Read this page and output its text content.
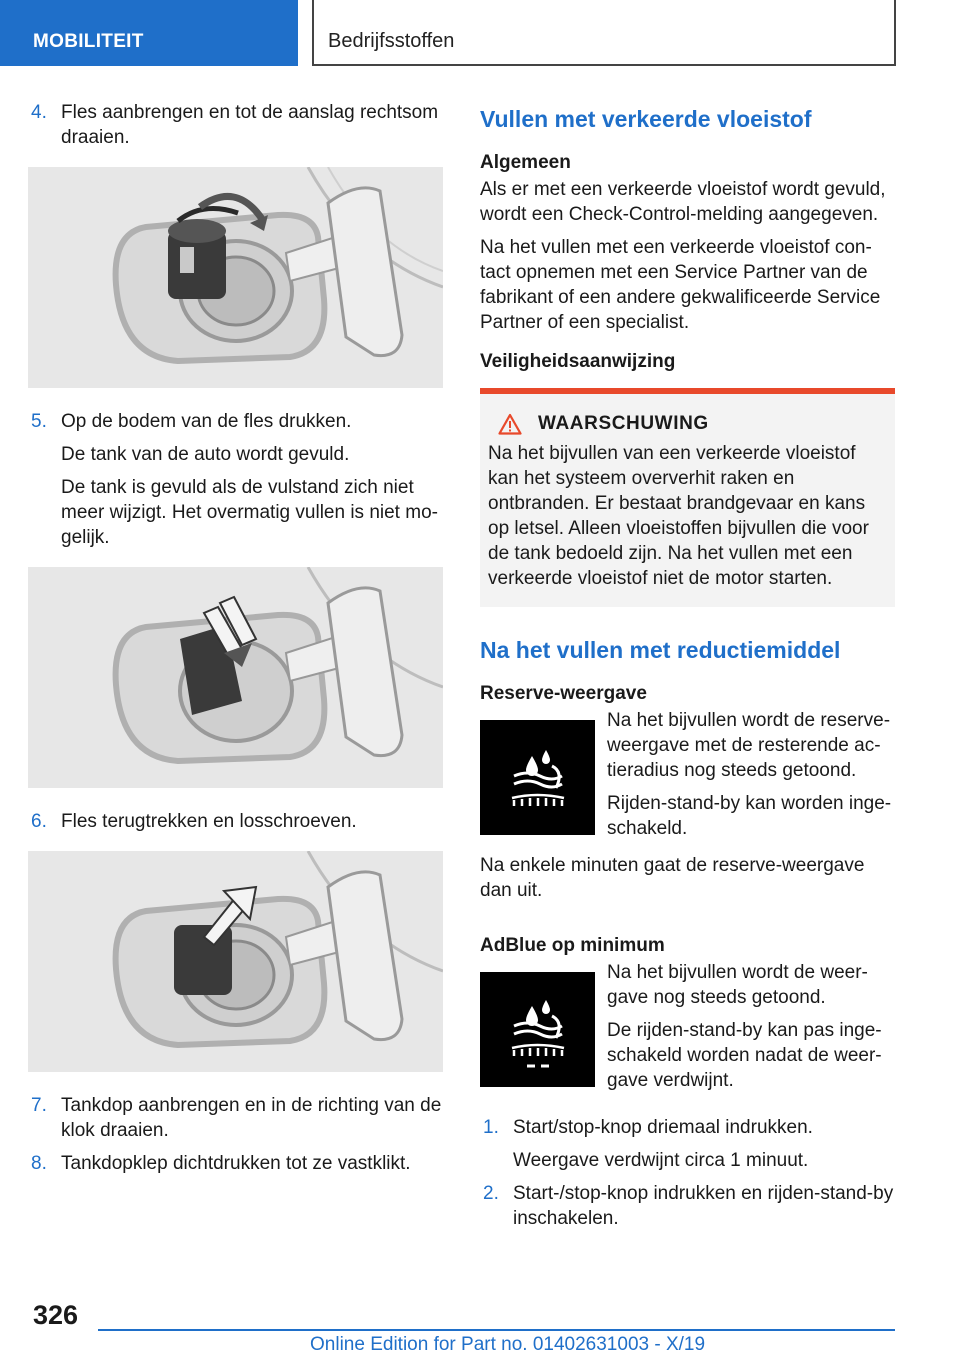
MOBILITEIT	Bedrijfsstoffen
4. Fles aanbrengen en tot de aanslag rechtsom draaien.
5. Op de bodem van de fles drukken.
De tank van de auto wordt gevuld.
De tank is gevuld als de vulstand zich niet meer wijzigt. Het overmatig vullen is niet mo-gelijk.
6. Fles terugtrekken en losschroeven.
7. Tankdop aanbrengen en in de richting van de klok draaien.
8. Tankdopklep dichtdrukken tot ze vastklikt.
Vullen met verkeerde vloeistof
Algemeen
Als er met een verkeerde vloeistof wordt gevuld, wordt een Check-Control-melding aangegeven.
Na het vullen met een verkeerde vloeistof con-tact opnemen met een Service Partner van de fabrikant of een andere gekwalificeerde Service Partner of een specialist.
Veiligheidsaanwijzing
WAARSCHUWING
Na het bijvullen van een verkeerde vloeistof kan het systeem oververhit raken en ontbranden. Er bestaat brandgevaar en kans op letsel. Alleen vloeistoffen bijvullen die voor de tank bedoeld zijn. Na het vullen met een verkeerde vloeistof niet de motor starten.
Na het vullen met reductiemiddel
Reserve-weergave
Na het bijvullen wordt de reserve-weergave met de resterende ac-tieradius nog steeds getoond.
Rijden-stand-by kan worden inge-schakeld.
Na enkele minuten gaat de reserve-weergave dan uit.
AdBlue op minimum
Na het bijvullen wordt de weer-gave nog steeds getoond.
De rijden-stand-by kan pas inge-schakeld worden nadat de weer-gave verdwijnt.
1. Start/stop-knop driemaal indrukken.
Weergave verdwijnt circa 1 minuut.
2. Start-/stop-knop indrukken en rijden-stand-by inschakelen.
326
Online Edition for Part no. 01402631003 - X/19
